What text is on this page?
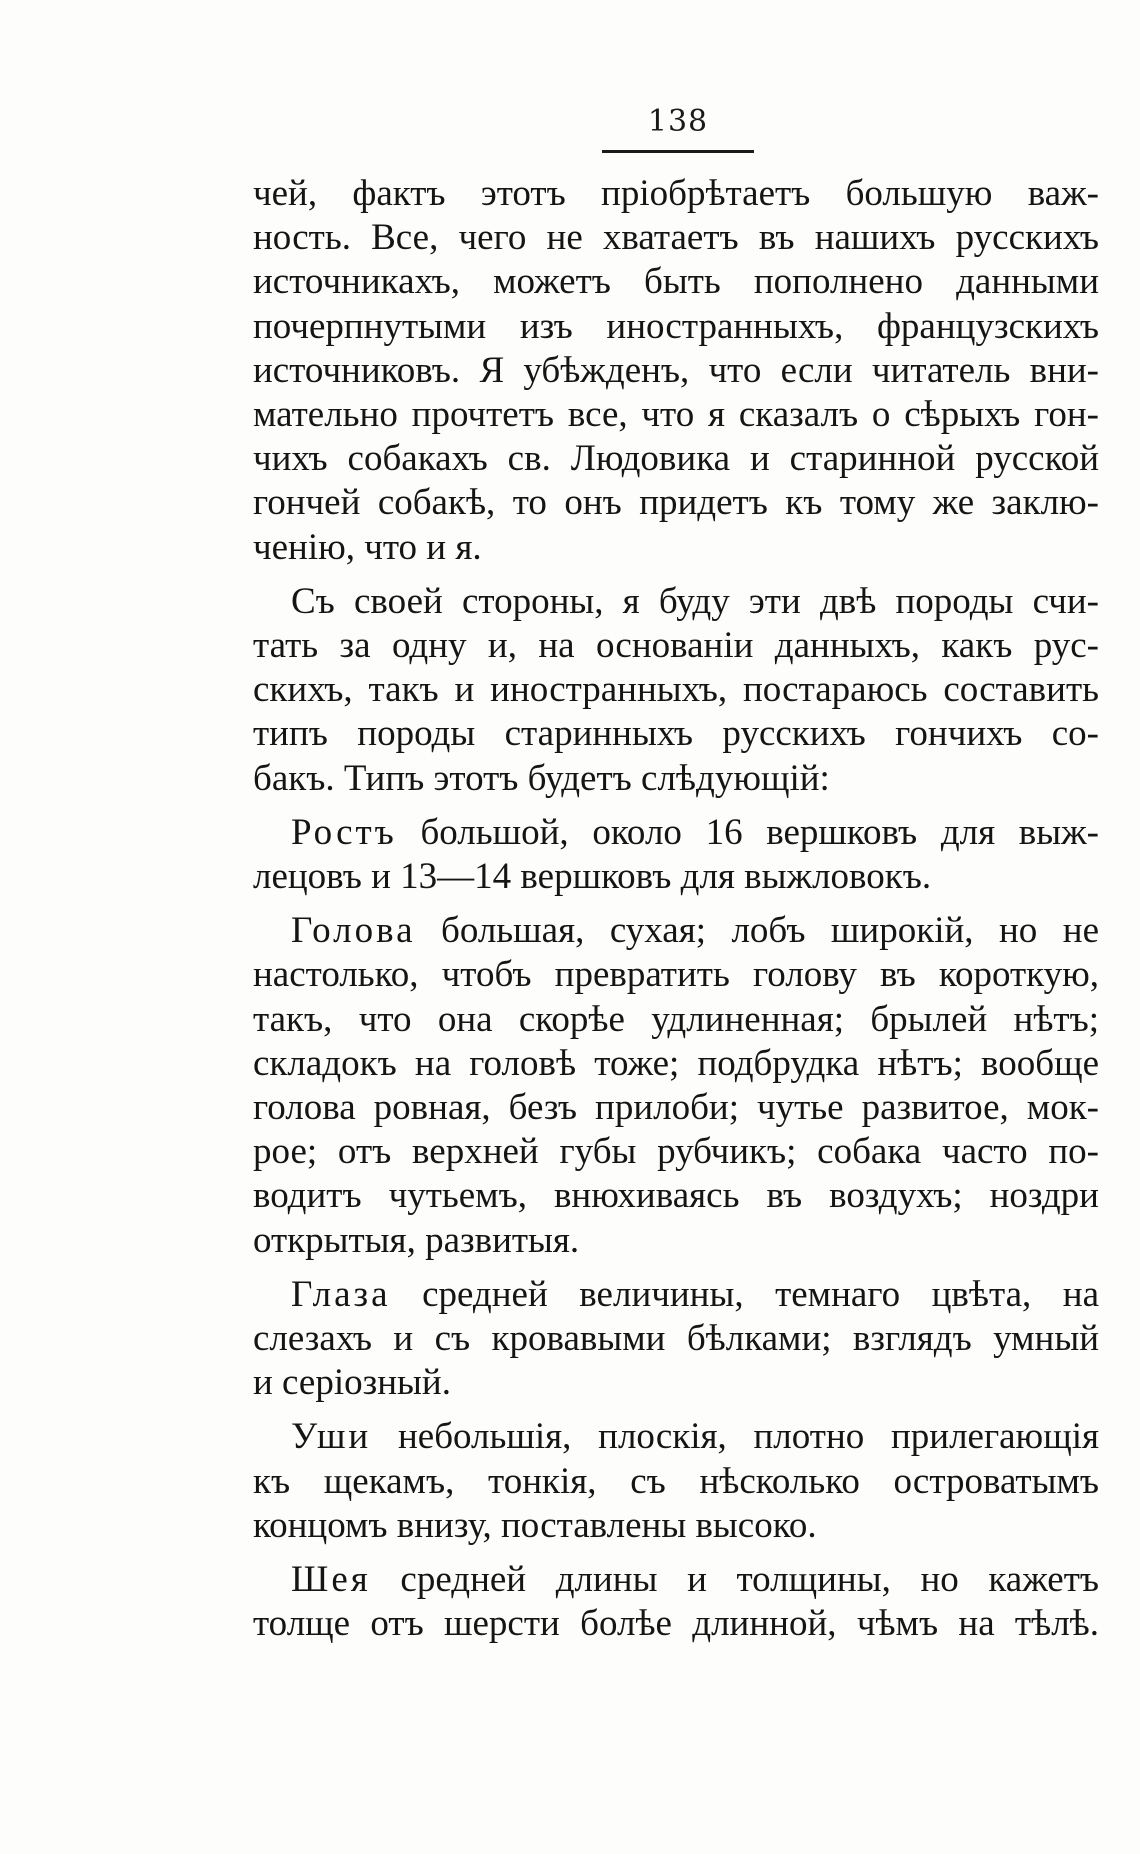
138
чей, фактъ этотъ пріобрѣтаетъ большую важ-
ность. Все, чего не хватаетъ въ нашихъ русскихъ
источникахъ, можетъ быть пополнено данными
почерпнутыми изъ иностранныхъ, французскихъ
источниковъ. Я убѣжденъ, что если читатель вни-
мательно прочтетъ все, что я сказалъ о сѣрыхъ гон-
чихъ собакахъ св. Людовика и старинной русской
гончей собакѣ, то онъ придетъ къ тому же заклю-
ченію, что и я.
Съ своей стороны, я буду эти двѣ породы счи-
тать за одну и, на основаніи данныхъ, какъ рус-
скихъ, такъ и иностранныхъ, постараюсь составить
типъ породы старинныхъ русскихъ гончихъ со-
бакъ. Типъ этотъ будетъ слѣдующій:
Ростъ большой, около 16 вершковъ для выж-
лецовъ и 13—14 вершковъ для выжловокъ.
Голова большая, сухая; лобъ широкій, но не
настолько, чтобъ превратить голову въ короткую,
такъ, что она скорѣе удлиненная; брылей нѣтъ;
складокъ на головѣ тоже; подбрудка нѣтъ; вообще
голова ровная, безъ прилоби; чутье развитое, мок-
рое; отъ верхней губы рубчикъ; собака часто по-
водитъ чутьемъ, внюхиваясь въ воздухъ; ноздри
открытыя, развитыя.
Глаза средней величины, темнаго цвѣта, на
слезахъ и съ кровавыми бѣлками; взглядъ умный
и серіозный.
Уши небольшія, плоскія, плотно прилегающія
къ щекамъ, тонкія, съ нѣсколько островатымъ
концомъ внизу, поставлены высоко.
Шея средней длины и толщины, но кажетъ
толще отъ шерсти болѣе длинной, чѣмъ на тѣлѣ.
